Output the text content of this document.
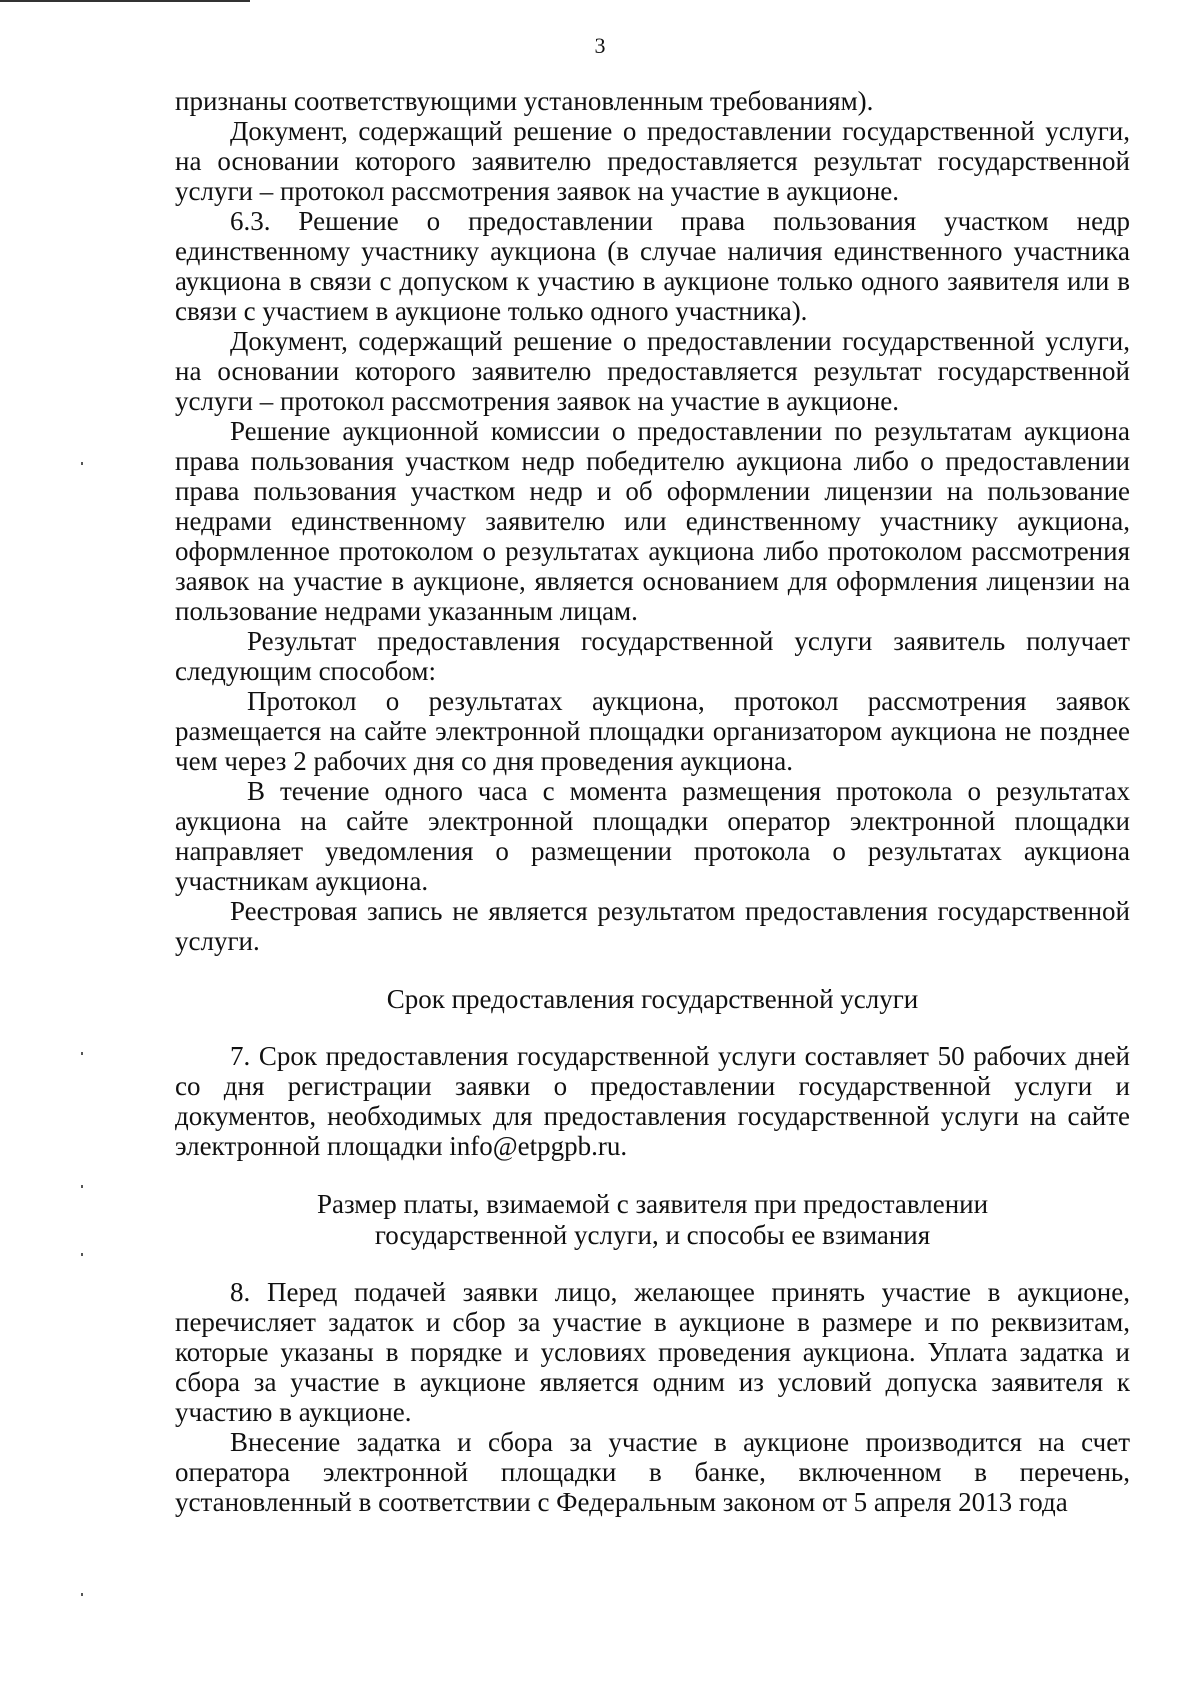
3

признаны соответствующими установленным требованиям).

Документ, содержащий решение о предоставлении государственной услуги, на основании которого заявителю предоставляется результат государственной услуги – протокол рассмотрения заявок на участие в аукционе.

6.3. Решение о предоставлении права пользования участком недр единственному участнику аукциона (в случае наличия единственного участника аукциона в связи с допуском к участию в аукционе только одного заявителя или в связи с участием в аукционе только одного участника).

Документ, содержащий решение о предоставлении государственной услуги, на основании которого заявителю предоставляется результат государственной услуги – протокол рассмотрения заявок на участие в аукционе.

Решение аукционной комиссии о предоставлении по результатам аукциона права пользования участком недр победителю аукциона либо о предоставлении права пользования участком недр и об оформлении лицензии на пользование недрами единственному заявителю или единственному участнику аукциона, оформленное протоколом о результатах аукциона либо протоколом рассмотрения заявок на участие в аукционе, является основанием для оформления лицензии на пользование недрами указанным лицам.

Результат предоставления государственной услуги заявитель получает следующим способом:

Протокол о результатах аукциона, протокол рассмотрения заявок размещается на сайте электронной площадки организатором аукциона не позднее чем через 2 рабочих дня со дня проведения аукциона.

В течение одного часа с момента размещения протокола о результатах аукциона на сайте электронной площадки оператор электронной площадки направляет уведомления о размещении протокола о результатах аукциона участникам аукциона.

Реестровая запись не является результатом предоставления государственной услуги.

Срок предоставления государственной услуги

7. Срок предоставления государственной услуги составляет 50 рабочих дней со дня регистрации заявки о предоставлении государственной услуги и документов, необходимых для предоставления государственной услуги на сайте электронной площадки info@etpgpb.ru.

Размер платы, взимаемой с заявителя при предоставлении
государственной услуги, и способы ее взимания

8. Перед подачей заявки лицо, желающее принять участие в аукционе, перечисляет задаток и сбор за участие в аукционе в размере и по реквизитам, которые указаны в порядке и условиях проведения аукциона. Уплата задатка и сбора за участие в аукционе является одним из условий допуска заявителя к участию в аукционе.

Внесение задатка и сбора за участие в аукционе производится на счет оператора электронной площадки в банке, включенном в перечень, установленный в соответствии с Федеральным законом от 5 апреля 2013 года
